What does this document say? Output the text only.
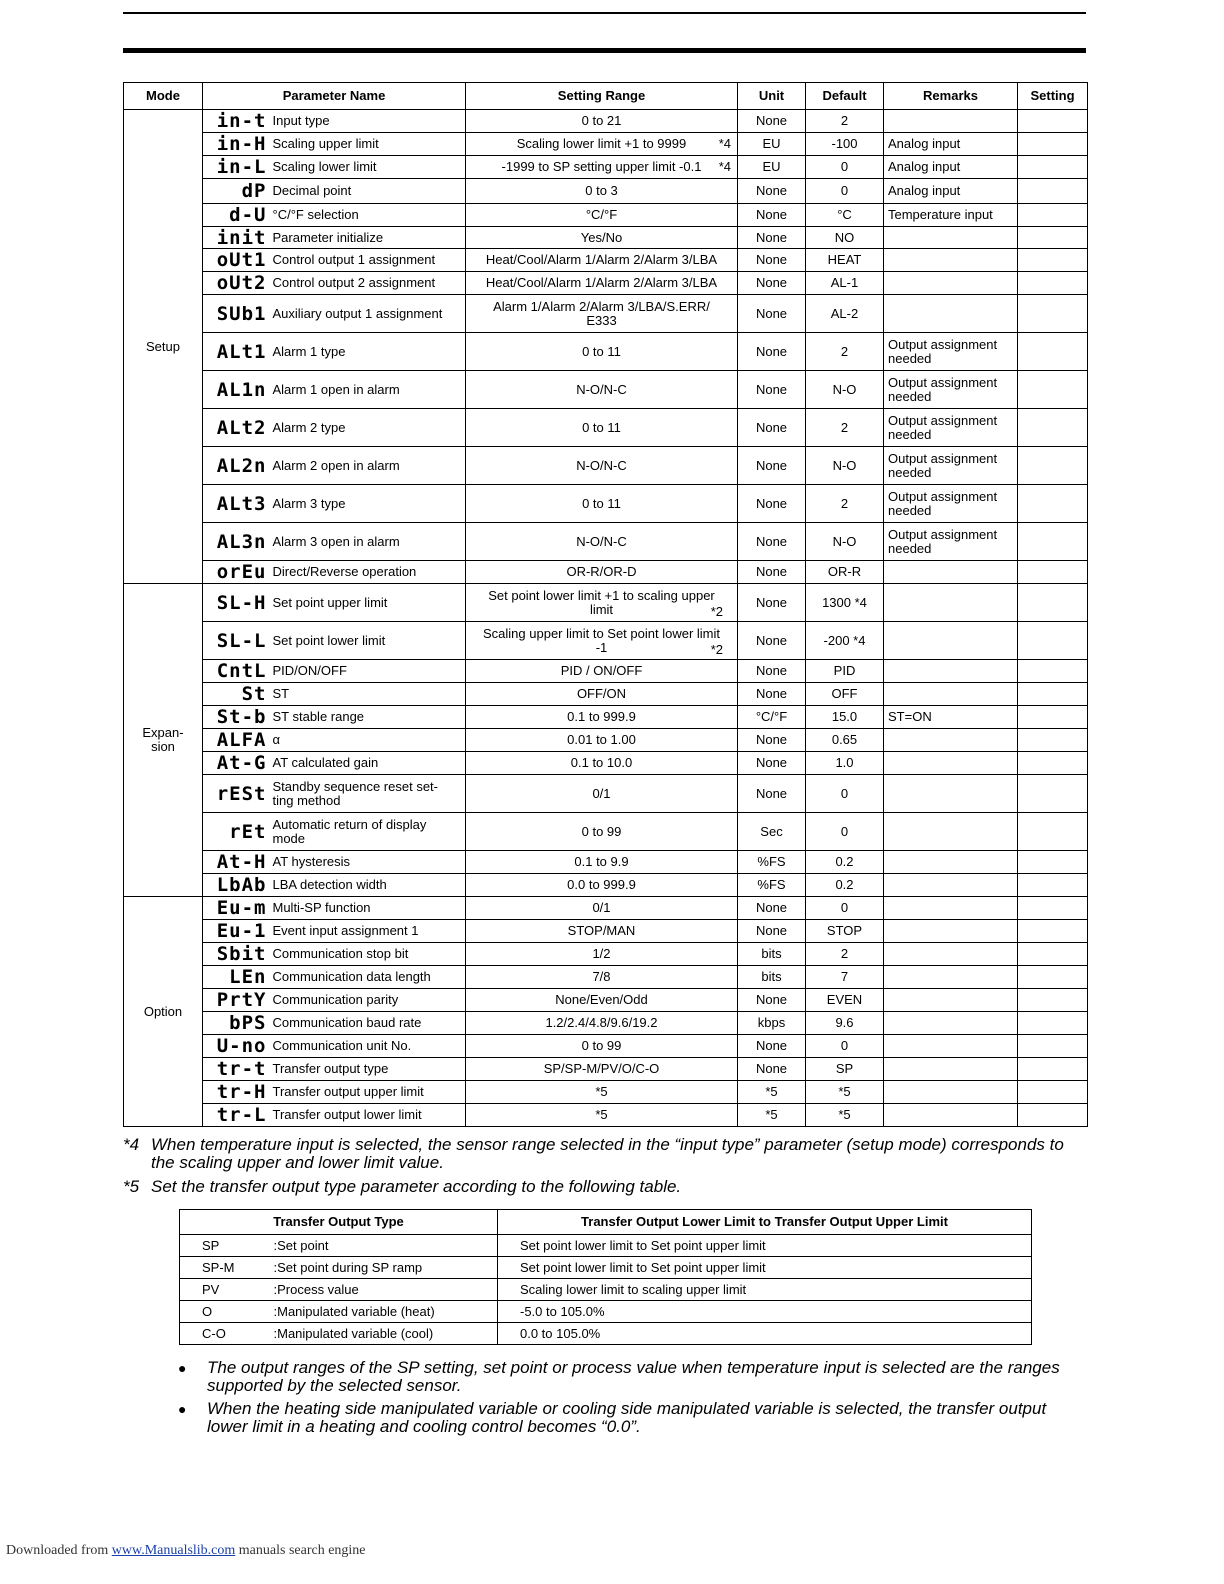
Mode	Parameter Name		Setting Range	Unit	Default	Remarks	Setting
Setup	in-t	Input type	0 to 21	None	2		
	in-H	Scaling upper limit	Scaling lower limit +1 to 9999 *4	EU	-100	Analog input	
	in-L	Scaling lower limit	-1999 to SP setting upper limit -0.1 *4	EU	0	Analog input	
	dP	Decimal point	0 to 3	None	0	Analog input	
	d-U	°C/°F selection	°C/°F	None	°C	Temperature input	
	init	Parameter initialize	Yes/No	None	NO		
	oUt1	Control output 1 assignment	Heat/Cool/Alarm 1/Alarm 2/Alarm 3/LBA	None	HEAT		
	oUt2	Control output 2 assignment	Heat/Cool/Alarm 1/Alarm 2/Alarm 3/LBA	None	AL-1		
	SUb1	Auxiliary output 1 assignment	Alarm 1/Alarm 2/Alarm 3/LBA/S.ERR/
E333	None	AL-2		
	ALt1	Alarm 1 type	0 to 11	None	2	Output assignment
needed	
	AL1n	Alarm 1 open in alarm	N-O/N-C	None	N-O	Output assignment
needed	
	ALt2	Alarm 2 type	0 to 11	None	2	Output assignment
needed	
	AL2n	Alarm 2 open in alarm	N-O/N-C	None	N-O	Output assignment
needed	
	ALt3	Alarm 3 type	0 to 11	None	2	Output assignment
needed	
	AL3n	Alarm 3 open in alarm	N-O/N-C	None	N-O	Output assignment
needed	
	orEu	Direct/Reverse operation	OR-R/OR-D	None	OR-R		
Expan-
sion	SL-H	Set point upper limit	Set point lower limit +1 to scaling upper
limit *2	None	1300 *4		
	SL-L	Set point lower limit	Scaling upper limit to Set point lower limit
-1 *2	None	-200 *4		
	CntL	PID/ON/OFF	PID / ON/OFF	None	PID		
	St	ST	OFF/ON	None	OFF		
	St-b	ST stable range	0.1 to 999.9	°C/°F	15.0	ST=ON	
	ALFA	α	0.01 to 1.00	None	0.65		
	At-G	AT calculated gain	0.1 to 10.0	None	1.0		
	rESt	Standby sequence reset set-
ting method	0/1	None	0		
	rEt	Automatic return of display
mode	0 to 99	Sec	0		
	At-H	AT hysteresis	0.1 to 9.9	%FS	0.2		
	LbAb	LBA detection width	0.0 to 999.9	%FS	0.2		
Option	Eu-m	Multi-SP function	0/1	None	0		
	Eu-1	Event input assignment 1	STOP/MAN	None	STOP		
	Sbit	Communication stop bit	1/2	bits	2		
	LEn	Communication data length	7/8	bits	7		
	PrtY	Communication parity	None/Even/Odd	None	EVEN		
	bPS	Communication baud rate	1.2/2.4/4.8/9.6/19.2	kbps	9.6		
	U-no	Communication unit No.	0 to 99	None	0		
	tr-t	Transfer output type	SP/SP-M/PV/O/C-O	None	SP		
	tr-H	Transfer output upper limit	*5	*5	*5		
	tr-L	Transfer output lower limit	*5	*5	*5		
*4 When temperature input is selected, the sensor range selected in the “input type” parameter (setup mode) corresponds to the scaling upper and lower limit value.
*5 Set the transfer output type parameter according to the following table.
Transfer Output Type		Transfer Output Lower Limit to Transfer Output Upper Limit
SP	:Set point	Set point lower limit to Set point upper limit
SP-M	:Set point during SP ramp	Set point lower limit to Set point upper limit
PV	:Process value	Scaling lower limit to scaling upper limit
O	:Manipulated variable (heat)	-5.0 to 105.0%
C-O	:Manipulated variable (cool)	0.0 to 105.0%
● The output ranges of the SP setting, set point or process value when temperature input is selected are the ranges supported by the selected sensor.
● When the heating side manipulated variable or cooling side manipulated variable is selected, the transfer output lower limit in a heating and cooling control becomes “0.0”.
Downloaded from www.Manualslib.com manuals search engine
